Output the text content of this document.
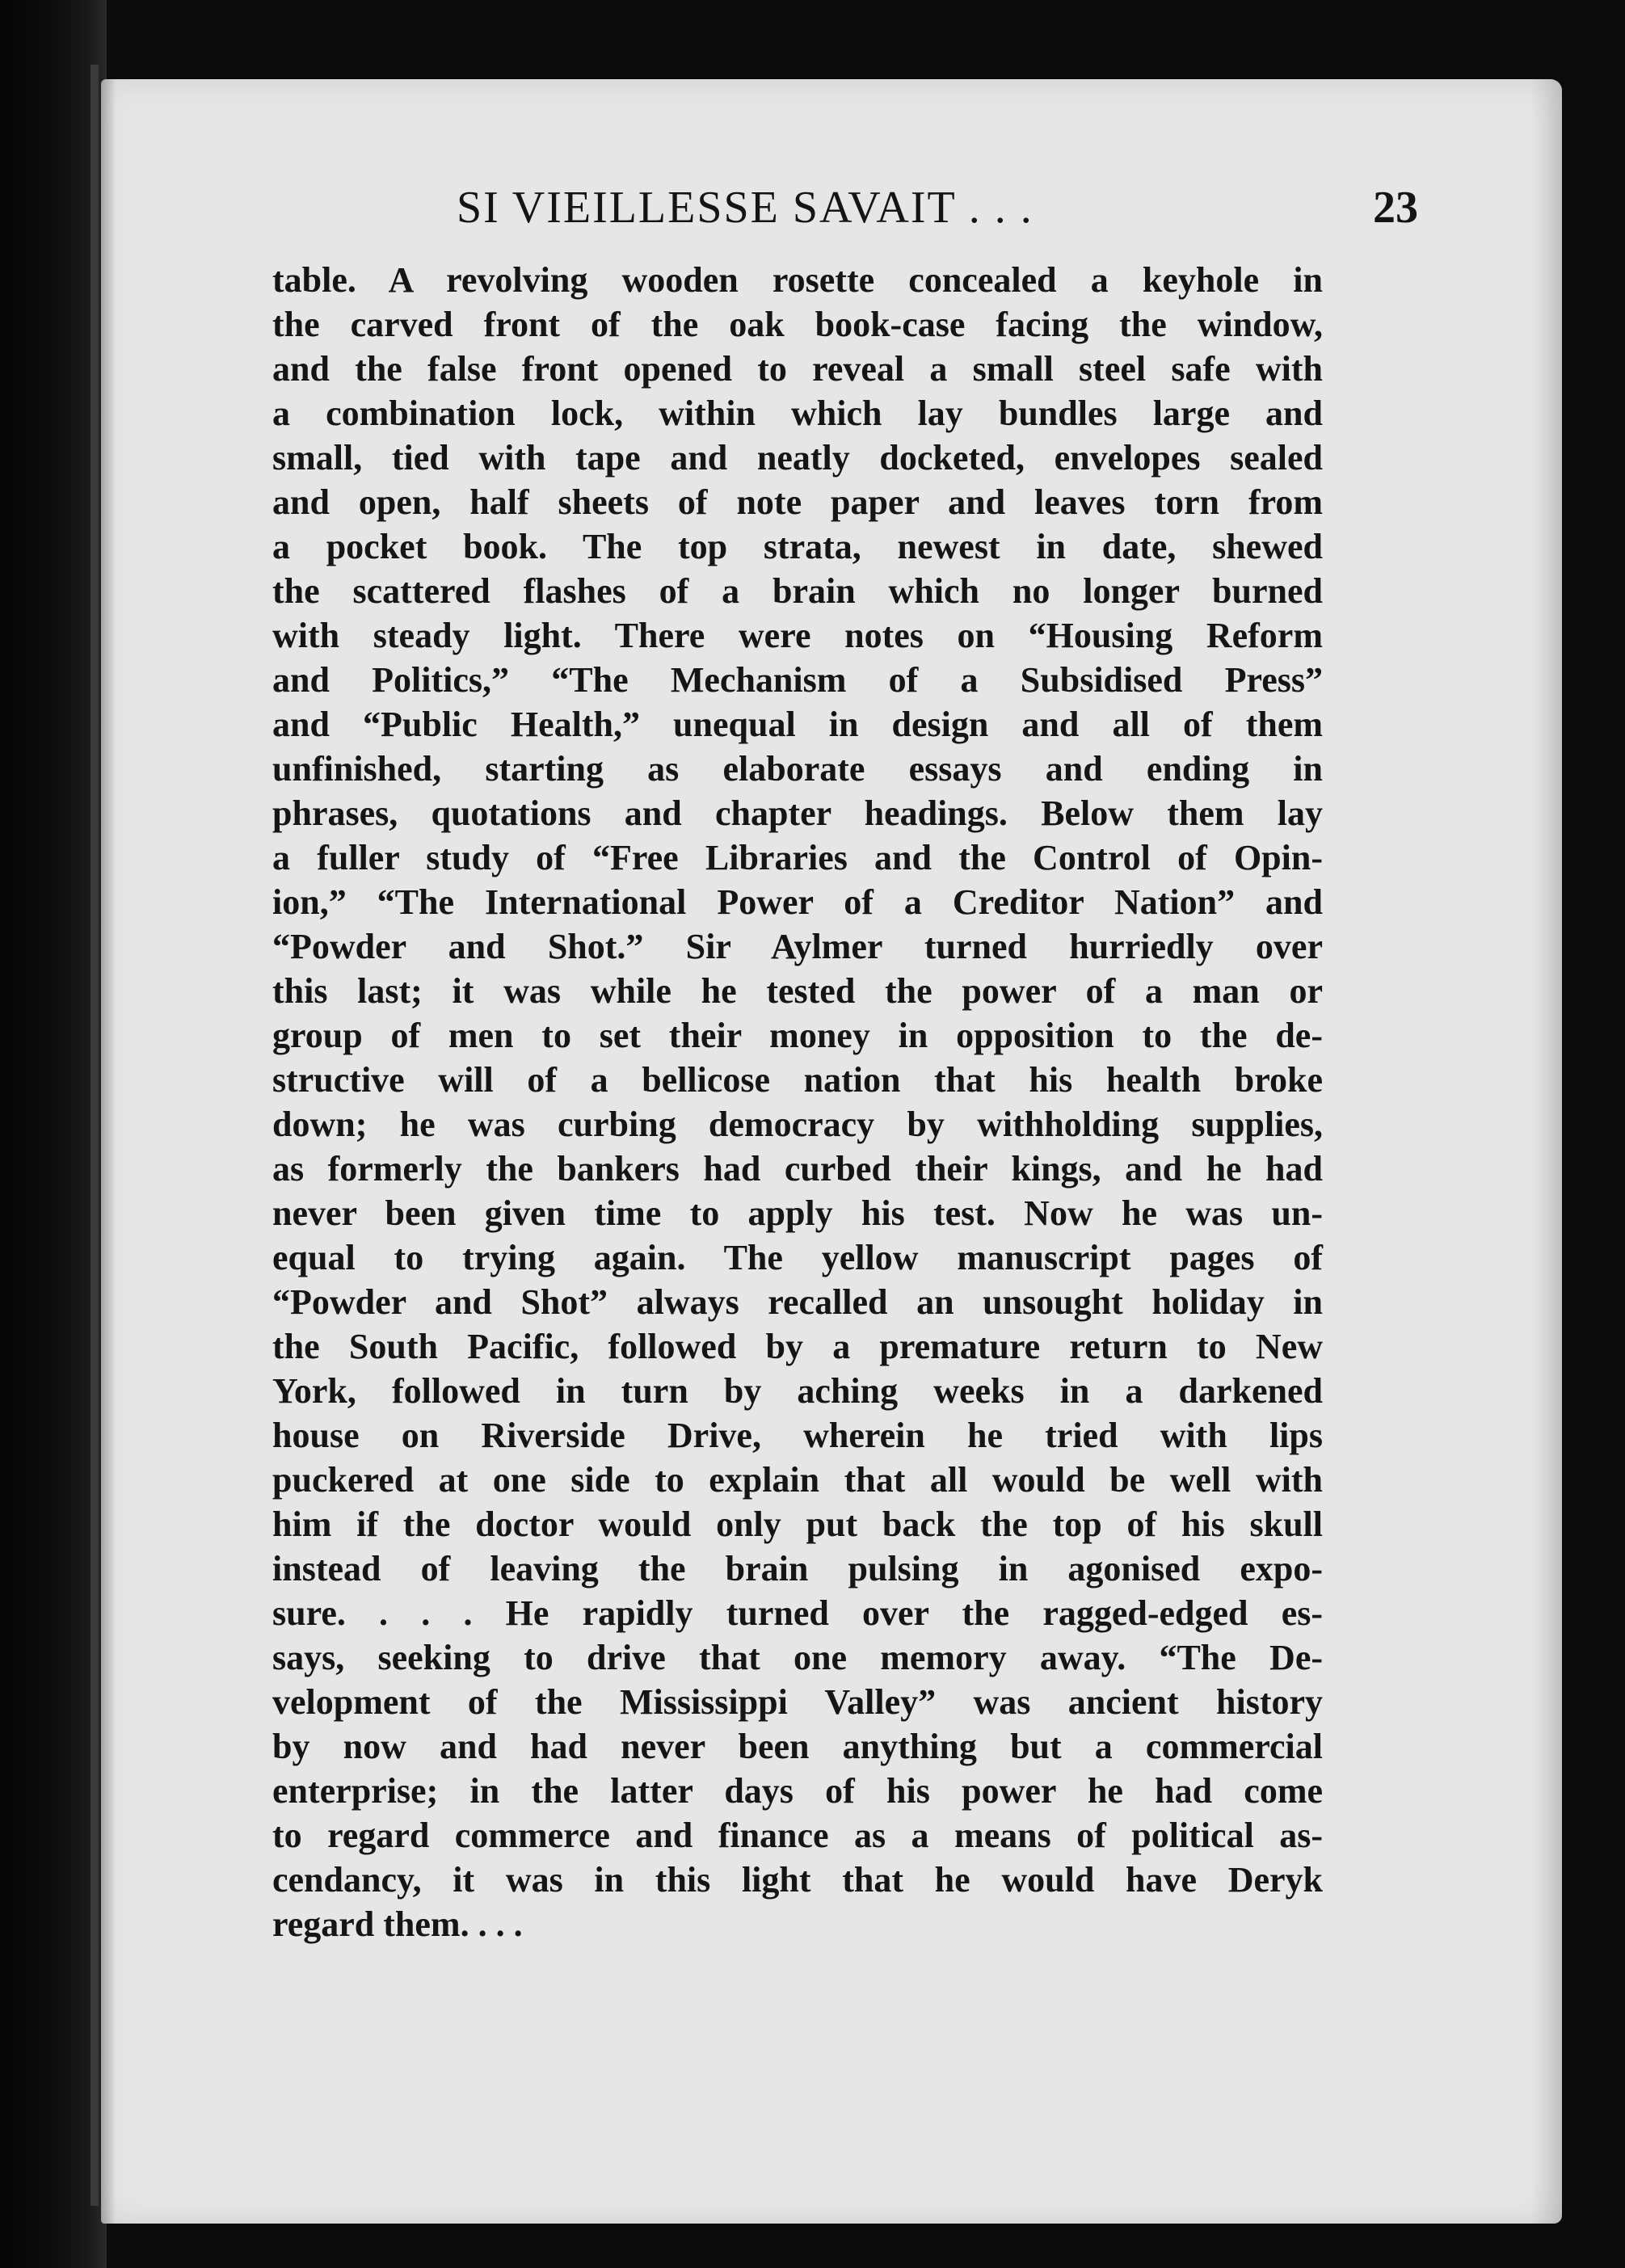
SI VIEILLESSE SAVAIT . . .	23
table. A revolving wooden rosette concealed a keyhole in
the carved front of the oak book-case facing the window,
and the false front opened to reveal a small steel safe with
a combination lock, within which lay bundles large and
small, tied with tape and neatly docketed, envelopes sealed
and open, half sheets of note paper and leaves torn from
a pocket book. The top strata, newest in date, shewed
the scattered flashes of a brain which no longer burned
with steady light. There were notes on “Housing Reform
and Politics,” “The Mechanism of a Subsidised Press”
and “Public Health,” unequal in design and all of them
unfinished, starting as elaborate essays and ending in
phrases, quotations and chapter headings. Below them lay
a fuller study of “Free Libraries and the Control of Opin-
ion,” “The International Power of a Creditor Nation” and
“Powder and Shot.” Sir Aylmer turned hurriedly over
this last; it was while he tested the power of a man or
group of men to set their money in opposition to the de-
structive will of a bellicose nation that his health broke
down; he was curbing democracy by withholding supplies,
as formerly the bankers had curbed their kings, and he had
never been given time to apply his test. Now he was un-
equal to trying again. The yellow manuscript pages of
“Powder and Shot” always recalled an unsought holiday in
the South Pacific, followed by a premature return to New
York, followed in turn by aching weeks in a darkened
house on Riverside Drive, wherein he tried with lips
puckered at one side to explain that all would be well with
him if the doctor would only put back the top of his skull
instead of leaving the brain pulsing in agonised expo-
sure. . . . He rapidly turned over the ragged-edged es-
says, seeking to drive that one memory away. “The De-
velopment of the Mississippi Valley” was ancient history
by now and had never been anything but a commercial
enterprise; in the latter days of his power he had come
to regard commerce and finance as a means of political as-
cendancy, it was in this light that he would have Deryk
regard them. . . .
